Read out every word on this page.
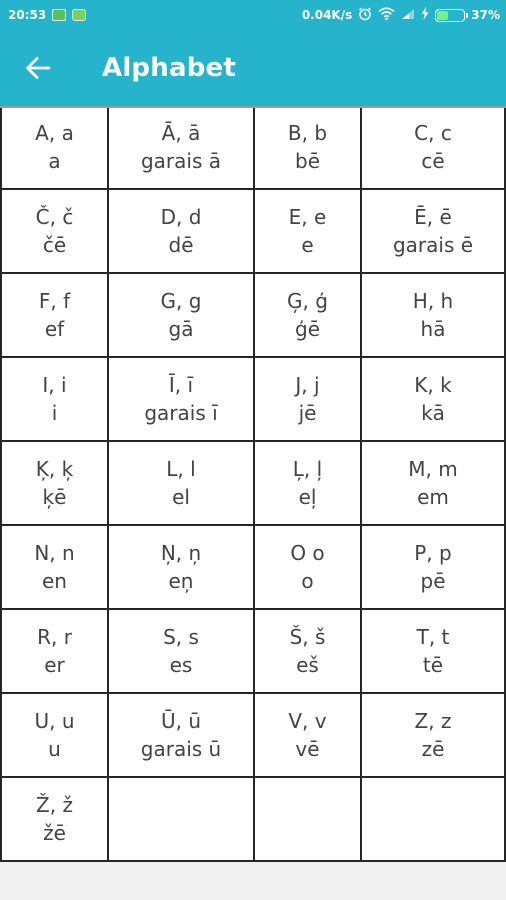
20:53	0.04K/s	37%
Alphabet
A, a
a
Ā, ā
garais ā
B, b
bē
C, c
cē
Č, č
čē
D, d
dē
E, e
e
Ē, ē
garais ē
F, f
ef
G, g
gā
Ģ, ģ
ģē
H, h
hā
I, i
i
Ī, ī
garais ī
J, j
jē
K, k
kā
Ķ, ķ
ķē
L, l
el
Ļ, ļ
eļ
M, m
em
N, n
en
Ņ, ņ
eņ
O o
o
P, p
pē
R, r
er
S, s
es
Š, š
eš
T, t
tē
U, u
u
Ū, ū
garais ū
V, v
vē
Z, z
zē
Ž, ž
žē
